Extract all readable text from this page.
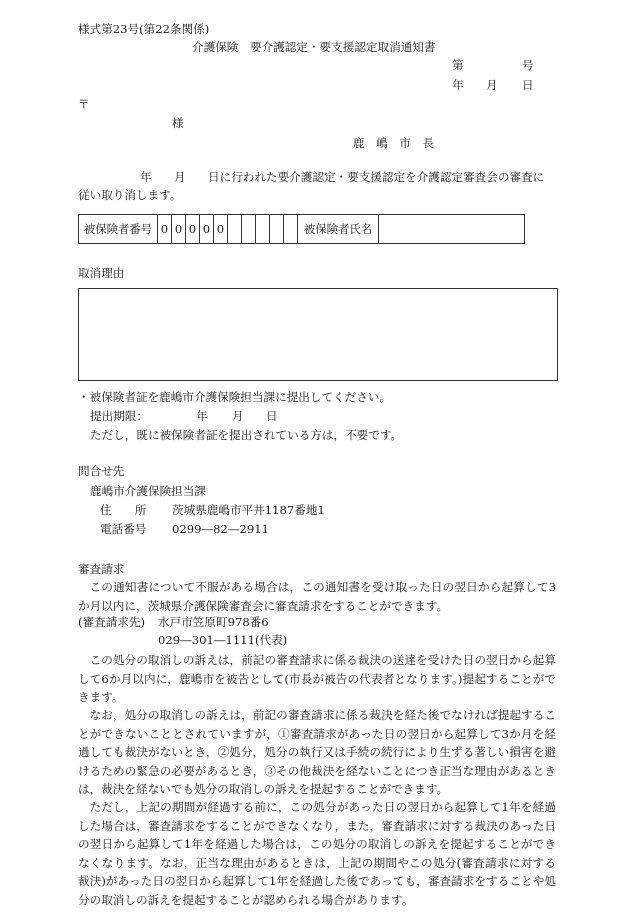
様式第23号(第22条関係)
介護保険　要介護認定・要支援認定取消通知書
第	号
年 月 日
〒
様
鹿　嶋　市　長
年 月 日に行われた要介護認定・要支援認定を介護認定審査会の審査に
従い取り消します。
被保険者番号	0	0	0	0	0						被保険者氏名	
取消理由
・被保険者証を鹿嶋市介護保険担当課に提出してください。
提出期限：	年 月 日
ただし，既に被保険者証を提出されている方は，不要です。
問合せ先
鹿嶋市介護保険担当課
住　　所 茨城県鹿嶋市平井1187番地1
電話番号 0299―82―2911
審査請求

この通知書について不服がある場合は，この通知書を受け取った日の翌日から起算して3か月以内に，茨城県介護保険審査会に審査請求をすることができます。

(審査請求先) 水戸市笠原町978番6
029―301―1111(代表)

この処分の取消しの訴えは，前記の審査請求に係る裁決の送達を受けた日の翌日から起算して6か月以内に，鹿嶋市を被告として(市長が被告の代表者となります。)提起することができます。

なお，処分の取消しの訴えは，前記の審査請求に係る裁決を経た後でなければ提起することができないこととされていますが，①審査請求があった日の翌日から起算して3か月を経過しても裁決がないとき，②処分，処分の執行又は手続の続行により生ずる著しい損害を避けるための緊急の必要があるとき，③その他裁決を経ないことにつき正当な理由があるときは，裁決を経ないでも処分の取消しの訴えを提起することができます。

ただし，上記の期間が経過する前に，この処分があった日の翌日から起算して1年を経過した場合は，審査請求をすることができなくなり，また，審査請求に対する裁決のあった日の翌日から起算して1年を経過した場合は，この処分の取消しの訴えを提起することができなくなります。なお，正当な理由があるときは，上記の期間やこの処分(審査請求に対する裁決)があった日の翌日から起算して1年を経過した後であっても，審査請求をすることや処分の取消しの訴えを提起することが認められる場合があります。
